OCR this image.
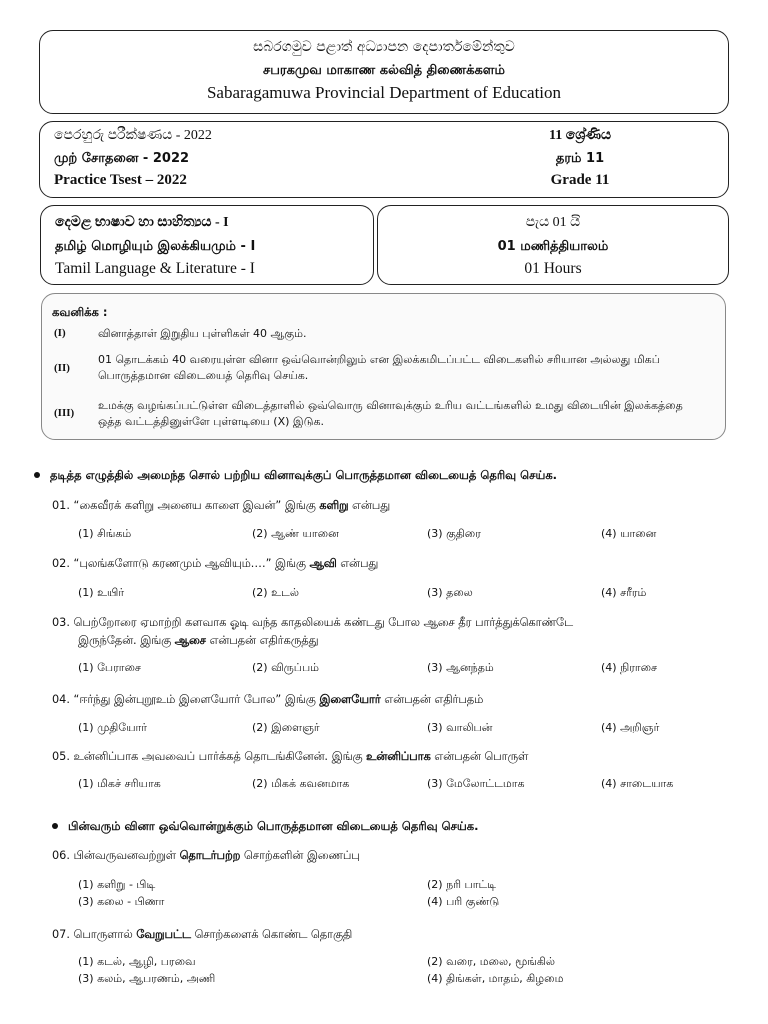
සබරගමුව පළාත් අධ්‍යාපන දෙපාර්තමේන්තුව
சபரகமுவ மாகாண கல்வித் திணைக்களம்
Sabaragamuwa Provincial Department of Education
පෙරහුරු පරීක්ෂණය - 2022
முற் சோதனை - 2022
Practice Tsest – 2022
11 ශ්‍රේණිය
தரம் 11
Grade 11
දෙමළ භාෂාව හා සාහිත්‍යය - I
தமிழ் மொழியும் இலக்கியமும் - I
Tamil Language & Literature - I
පැය 01 යි
01 மணித்தியாலம்
01 Hours
கவனிக்க :
(I)	வினாத்தாள் இறுதிய புள்ளிகள் 40 ஆகும்.
(II)
01 தொடக்கம் 40 வரையுள்ள வினா ஒவ்வொன்றிலும் என இலக்கமிடப்பட்ட விடைகளில் சரியான அல்லது மிகப் பொருத்தமான விடையைத் தெரிவு செய்க.
(III)
உமக்கு வழங்கப்பட்டுள்ள விடைத்தாளில் ஒவ்வொரு வினாவுக்கும் உரிய வட்டங்களில் உமது விடையின் இலக்கத்தை ஒத்த வட்டத்தினுள்ளே புள்ளடியை (X) இடுக.
தடித்த எழுத்தில் அமைந்த சொல் பற்றிய வினாவுக்குப் பொருத்தமான விடையைத் தெரிவு செய்க.
01. “கைவீரக் களிறு அனைய காளை இவன்” இங்கு களிறு என்பது
(1) சிங்கம்	(2) ஆண் யானை	(3) குதிரை	(4) யானை
02. “புலங்களோடு கரணமும் ஆவியும்….” இங்கு ஆவி என்பது
(1) உயிர்	(2) உடல்	(3) தலை	(4) சரீரம்
03. பெற்றோரை ஏமாற்றி களவாக ஓடி வந்த காதலியைக் கண்டது போல ஆசை தீர பார்த்துக்கொண்டே
இருந்தேன். இங்கு ஆசை என்பதன் எதிர்கருத்து
(1) பேராசை	(2) விருப்பம்	(3) ஆனந்தம்	(4) நிராசை
04. “ஈர்ந்து இன்புறூஉம் இளையோர் போல” இங்கு இளையோர் என்பதன் எதிர்பதம்
(1) முதியோர்	(2) இளைஞர்	(3) வாலிபன்	(4) அறிஞர்
05. உன்னிப்பாக அவவைப் பார்க்கத் தொடங்கினேன். இங்கு உன்னிப்பாக என்பதன் பொருள்
(1) மிகச் சரியாக	(2) மிகக் கவனமாக	(3) மேலோட்டமாக	(4) சாடையாக
பின்வரும் வினா ஒவ்வொன்றுக்கும் பொருத்தமான விடையைத் தெரிவு செய்க.
06. பின்வருவனவற்றுள் தொடர்பற்ற சொற்களின் இணைப்பு
(1) களிறு - பிடி	(2) நரி பாட்டி
(3) கலை - பிணா	(4) பரி குண்டு
07. பொருளால் வேறுபட்ட சொற்களைக் கொண்ட தொகுதி
(1) கடல், ஆழி, பரவை	(2) வரை, மலை, மூங்கில்
(3) கலம், ஆபரணம், அணி	(4) திங்கள், மாதம், கிழமை
